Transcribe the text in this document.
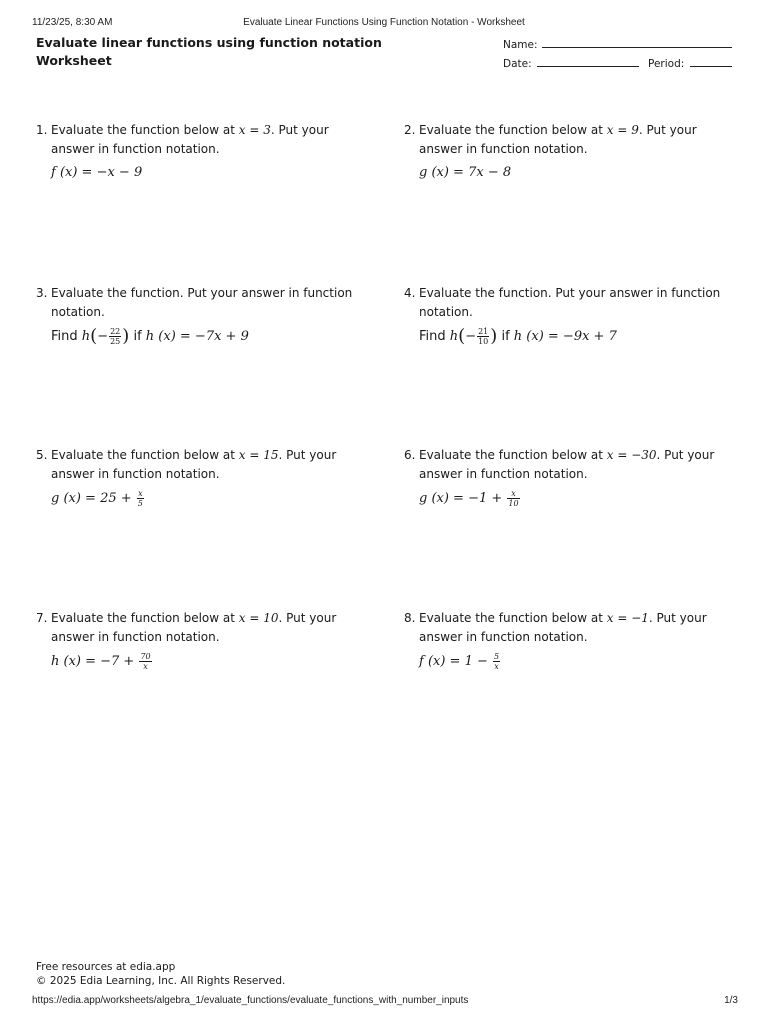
11/23/25, 8:30 AM	Evaluate Linear Functions Using Function Notation - Worksheet
Evaluate linear functions using function notation
Worksheet
Name:
Date:	Period:
1. Evaluate the function below at x = 3. Put your
answer in function notation.
f (x) = −x − 9
2. Evaluate the function below at x = 9. Put your
answer in function notation.
g (x) = 7x − 8
3. Evaluate the function. Put your answer in function
notation.
Find $h(- \frac{22}{25}$ ) if h (x) = −7x + 9
4. Evaluate the function. Put your answer in function
notation.
Find $h(- \frac{21}{10}$ ) if h (x) = −9x + 7
5. Evaluate the function below at x = 15. Put your
answer in function notation.
g $(x) = 25 + \frac{x}{5}$
6. Evaluate the function below at x = −30. Put your
answer in function notation.
g $(x) = -1 + \frac{x}{10}$
7. Evaluate the function below at x = 10. Put your
answer in function notation.
h $(x) = -7 + \frac{70}{x}$
8. Evaluate the function below at x = −1. Put your
answer in function notation.
f $(x) = 1 - \frac{5}{x}$
Free resources at edia.app
© 2025 Edia Learning, Inc. All Rights Reserved.
https://edia.app/worksheets/algebra_1/evaluate_functions/evaluate_functions_with_number_inputs	1/3
